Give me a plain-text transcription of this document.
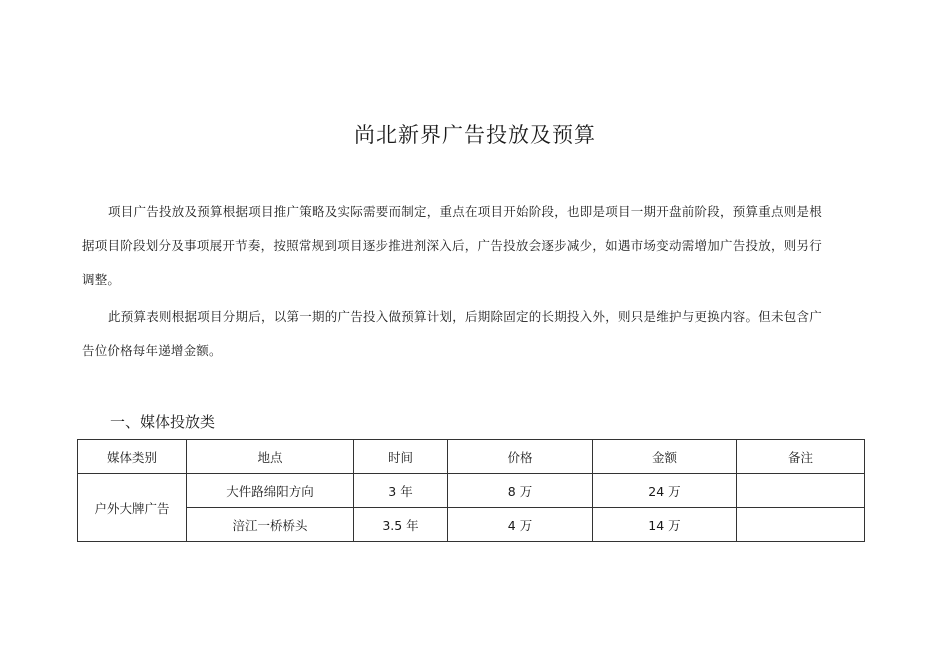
尚北新界广告投放及预算

项目广告投放及预算根据项目推广策略及实际需要而制定，重点在项目开始阶段，也即是项目一期开盘前阶段，预算重点则是根据项目阶段划分及事项展开节奏，按照常规到项目逐步推进剂深入后，广告投放会逐步减少，如遇市场变动需增加广告投放，则另行调整。

此预算表则根据项目分期后，以第一期的广告投入做预算计划，后期除固定的长期投入外，则只是维护与更换内容。但未包含广告位价格每年递增金额。

一、媒体投放类
媒体类别	地点	时间	价格	金额	备注
户外大牌广告	大件路绵阳方向	3 年	8 万	24 万	
	涪江一桥桥头	3.5 年	4 万	14 万	
